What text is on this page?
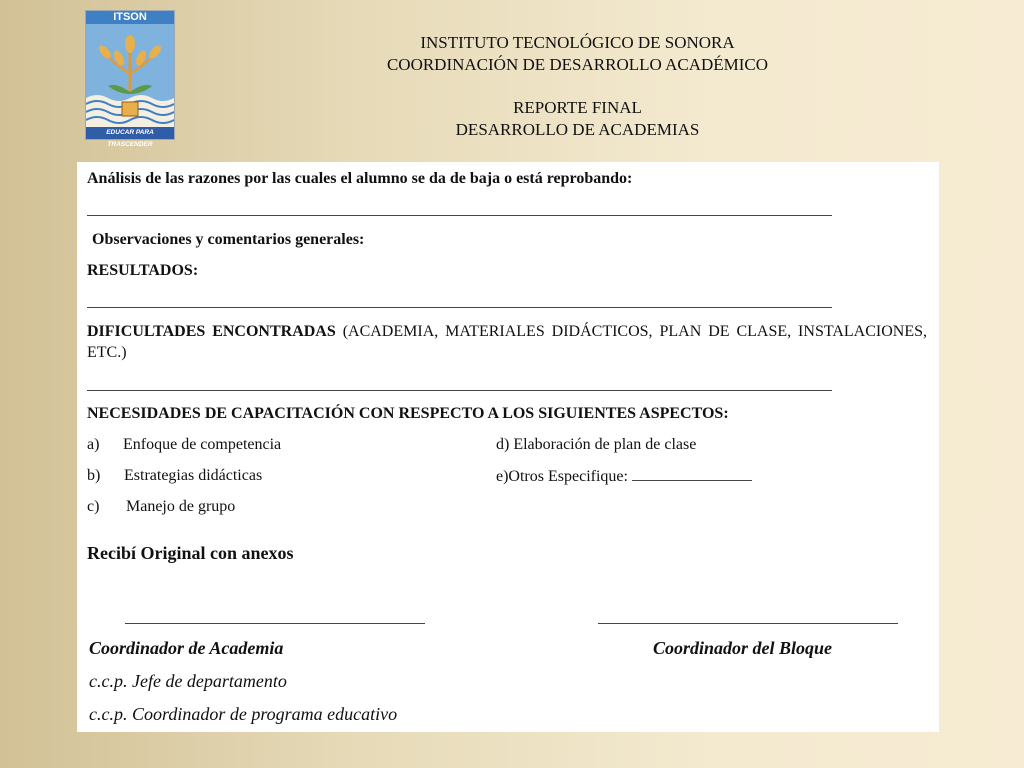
ITSON
EDUCAR PARA TRASCENDER
INSTITUTO TECNOLÓGICO DE SONORA
COORDINACIÓN DE DESARROLLO ACADÉMICO
REPORTE FINAL
DESARROLLO DE ACADEMIAS
Análisis de las razones por las cuales el alumno se da de baja o está reprobando:
Observaciones y comentarios generales:
RESULTADOS:
DIFICULTADES ENCONTRADAS (ACADEMIA, MATERIALES DIDÁCTICOS, PLAN DE CLASE, INSTALACIONES, ETC.)
NECESIDADES DE CAPACITACIÓN CON RESPECTO A LOS SIGUIENTES ASPECTOS:
a) Enfoque de competencia
b) Estrategias didácticas
c) Manejo de grupo
d) Elaboración de plan de clase
e)Otros Especifique:
Recibí Original con anexos
Coordinador de Academia	Coordinador del Bloque
c.c.p. Jefe de departamento
c.c.p. Coordinador de programa educativo
